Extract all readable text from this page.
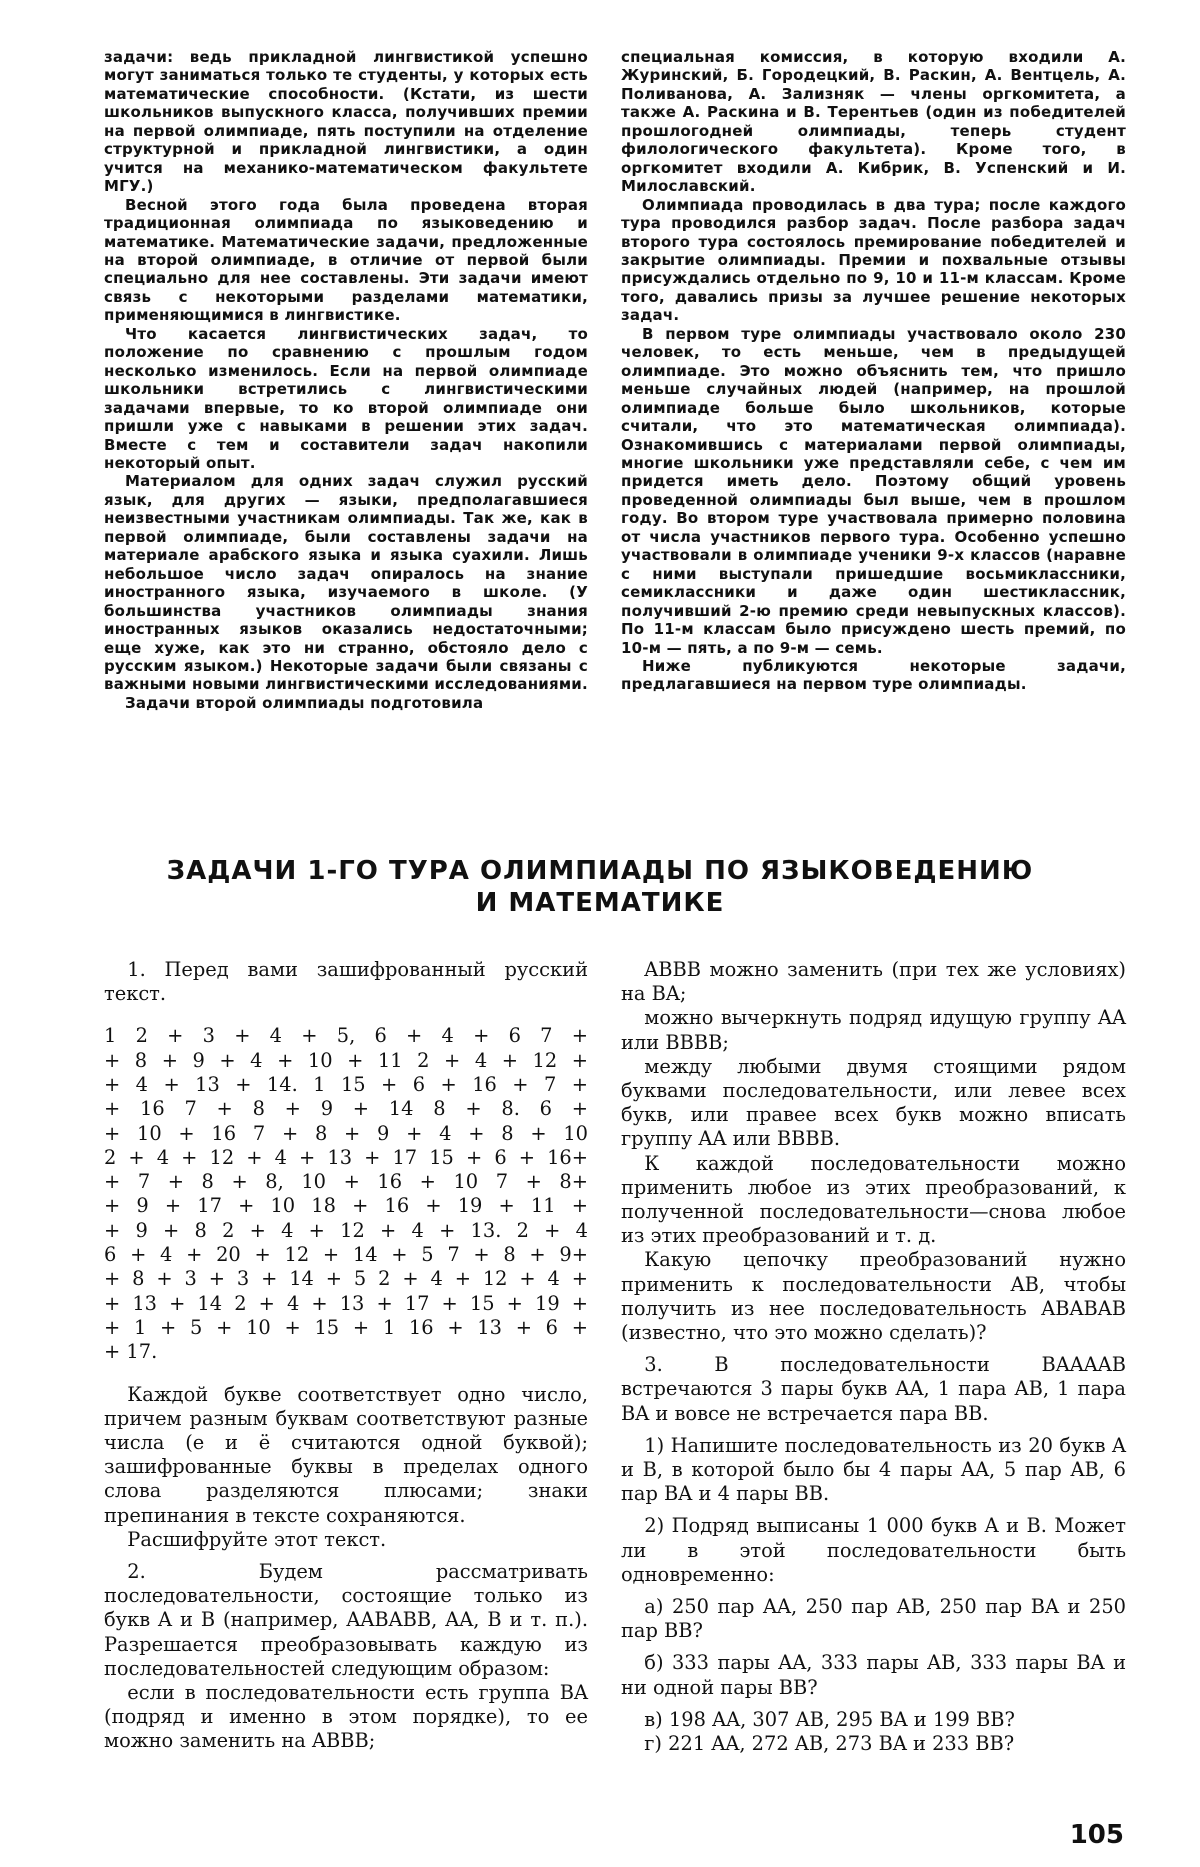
задачи: ведь прикладной лингвистикой успешно могут заниматься только те студенты, у которых есть математические способности. (Кстати, из шести школьников выпускного класса, получивших премии на первой олимпиаде, пять поступили на отделение структурной и прикладной лингвистики, а один учится на механико-математическом факультете МГУ.)

Весной этого года была проведена вторая традиционная олимпиада по языковедению и математике. Математические задачи, предложенные на второй олимпиаде, в отличие от первой были специально для нее составлены. Эти задачи имеют связь с некоторыми разделами математики, применяющимися в лингвистике.

Что касается лингвистических задач, то положение по сравнению с прошлым годом несколько изменилось. Если на первой олимпиаде школьники встретились с лингвистическими задачами впервые, то ко второй олимпиаде они пришли уже с навыками в решении этих задач. Вместе с тем и составители задач накопили некоторый опыт.

Материалом для одних задач служил русский язык, для других — языки, предполагавшиеся неизвестными участникам олимпиады. Так же, как в первой олимпиаде, были составлены задачи на материале арабского языка и языка суахили. Лишь небольшое число задач опиралось на знание иностранного языка, изучаемого в школе. (У большинства участников олимпиады знания иностранных языков оказались недостаточными; еще хуже, как это ни странно, обстояло дело с русским языком.) Некоторые задачи были связаны с важными новыми лингвистическими исследованиями.

Задачи второй олимпиады подготовила

специальная комиссия, в которую входили А. Журинский, Б. Городецкий, В. Раскин, А. Вентцель, А. Поливанова, А. Зализняк — члены оргкомитета, а также А. Раскина и В. Терентьев (один из победителей прошлогодней олимпиады, теперь студент филологического факультета). Кроме того, в оргкомитет входили А. Кибрик, В. Успенский и И. Милославский.

Олимпиада проводилась в два тура; после каждого тура проводился разбор задач. После разбора задач второго тура состоялось премирование победителей и закрытие олимпиады. Премии и похвальные отзывы присуждались отдельно по 9, 10 и 11-м классам. Кроме того, давались призы за лучшее решение некоторых задач.

В первом туре олимпиады участвовало около 230 человек, то есть меньше, чем в предыдущей олимпиаде. Это можно объяснить тем, что пришло меньше случайных людей (например, на прошлой олимпиаде больше было школьников, которые считали, что это математическая олимпиада). Ознакомившись с материалами первой олимпиады, многие школьники уже представляли себе, с чем им придется иметь дело. Поэтому общий уровень проведенной олимпиады был выше, чем в прошлом году. Во втором туре участвовала примерно половина от числа участников первого тура. Особенно успешно участвовали в олимпиаде ученики 9-х классов (наравне с ними выступали пришедшие восьмиклассники, семиклассники и даже один шестиклассник, получивший 2-ю премию среди невыпускных классов). По 11-м классам было присуждено шесть премий, по 10-м — пять, а по 9-м — семь.

Ниже публикуются некоторые задачи, предлагавшиеся на первом туре олимпиады.

ЗАДАЧИ 1-ГО ТУРА ОЛИМПИАДЫ ПО ЯЗЫКОВЕДЕНИЮ
И МАТЕМАТИКЕ

1. Перед вами зашифрованный русский текст.

1 2 + 3 + 4 + 5, 6 + 4 + 6 7 +
+ 8 + 9 + 4 + 10 + 11 2 + 4 + 12 +
+ 4 + 13 + 14. 1 15 + 6 + 16 + 7 +
+ 16 7 + 8 + 9 + 14 8 + 8. 6 +
+ 10 + 16 7 + 8 + 9 + 4 + 8 + 10
2 + 4 + 12 + 4 + 13 + 17 15 + 6 + 16+
+ 7 + 8 + 8, 10 + 16 + 10 7 + 8+
+ 9 + 17 + 10 18 + 16 + 19 + 11 +
+ 9 + 8 2 + 4 + 12 + 4 + 13. 2 + 4
6 + 4 + 20 + 12 + 14 + 5 7 + 8 + 9+
+ 8 + 3 + 3 + 14 + 5 2 + 4 + 12 + 4 +
+ 13 + 14 2 + 4 + 13 + 17 + 15 + 19 +
+ 1 + 5 + 10 + 15 + 1 16 + 13 + 6 +
+ 17.

Каждой букве соответствует одно число, причем разным буквам соответствуют разные числа (е и ё считаются одной буквой); зашифрованные буквы в пределах одного слова разделяются плюсами; знаки препинания в тексте сохраняются.

Расшифруйте этот текст.

2. Будем рассматривать последовательности, состоящие только из букв A и B (например, AABABB, AA, B и т. п.). Разрешается преобразовывать каждую из последовательностей следующим образом:

если в последовательности есть группа BA (подряд и именно в этом порядке), то ее можно заменить на ABBB;

ABBB можно заменить (при тех же условиях) на BA;

можно вычеркнуть подряд идущую группу AA или BBBB;

между любыми двумя стоящими рядом буквами последовательности, или левее всех букв, или правее всех букв можно вписать группу AA или BBBB.

К каждой последовательности можно применить любое из этих преобразований, к полученной последовательности—снова любое из этих преобразований и т. д.

Какую цепочку преобразований нужно применить к последовательности AB, чтобы получить из нее последовательность ABABAB (известно, что это можно сделать)?

3. В последовательности BAAAAB встречаются 3 пары букв AA, 1 пара AB, 1 пара BA и вовсе не встречается пара BB.

1) Напишите последовательность из 20 букв A и B, в которой было бы 4 пары AA, 5 пар AB, 6 пар BA и 4 пары BB.

2) Подряд выписаны 1 000 букв A и B. Может ли в этой последовательности быть одновременно:

а) 250 пар AA, 250 пар AB, 250 пар BA и 250 пар BB?

б) 333 пары AA, 333 пары AB, 333 пары BA и ни одной пары BB?

в) 198 AA, 307 AB, 295 BA и 199 BB?

г) 221 AA, 272 AB, 273 BA и 233 BB?

105
